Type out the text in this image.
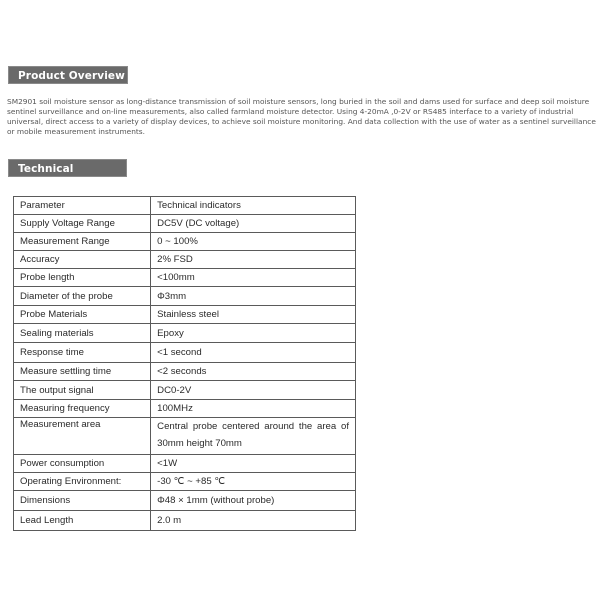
Product Overview

SM2901 soil moisture sensor as long-distance transmission of soil moisture sensors, long buried in the soil and dams used for surface and deep soil moisture sentinel surveillance and on-line measurements, also called farmland moisture detector. Using 4-20mA ,0-2V or RS485 interface to a variety of industrial universal, direct access to a variety of display devices, to achieve soil moisture monitoring. And data collection with the use of water as a sentinel surveillance or mobile measurement instruments.

Technical Parameters
Parameter	Technical indicators
Supply Voltage Range	DC5V (DC voltage)
Measurement Range	0 ~ 100%
Accuracy	2% FSD
Probe length	<100mm
Diameter of the probe	Φ3mm
Probe Materials	Stainless steel
Sealing materials	Epoxy
Response time	<1 second
Measure settling time	<2 seconds
The output signal	DC0-2V
Measuring frequency	100MHz
Measurement area	Central probe centered around the area of 30mm height 70mm
Power consumption	<1W
Operating Environment:	-30 ℃ ~ +85 ℃
Dimensions	Φ48 × 1mm (without probe)
Lead Length	2.0 m
